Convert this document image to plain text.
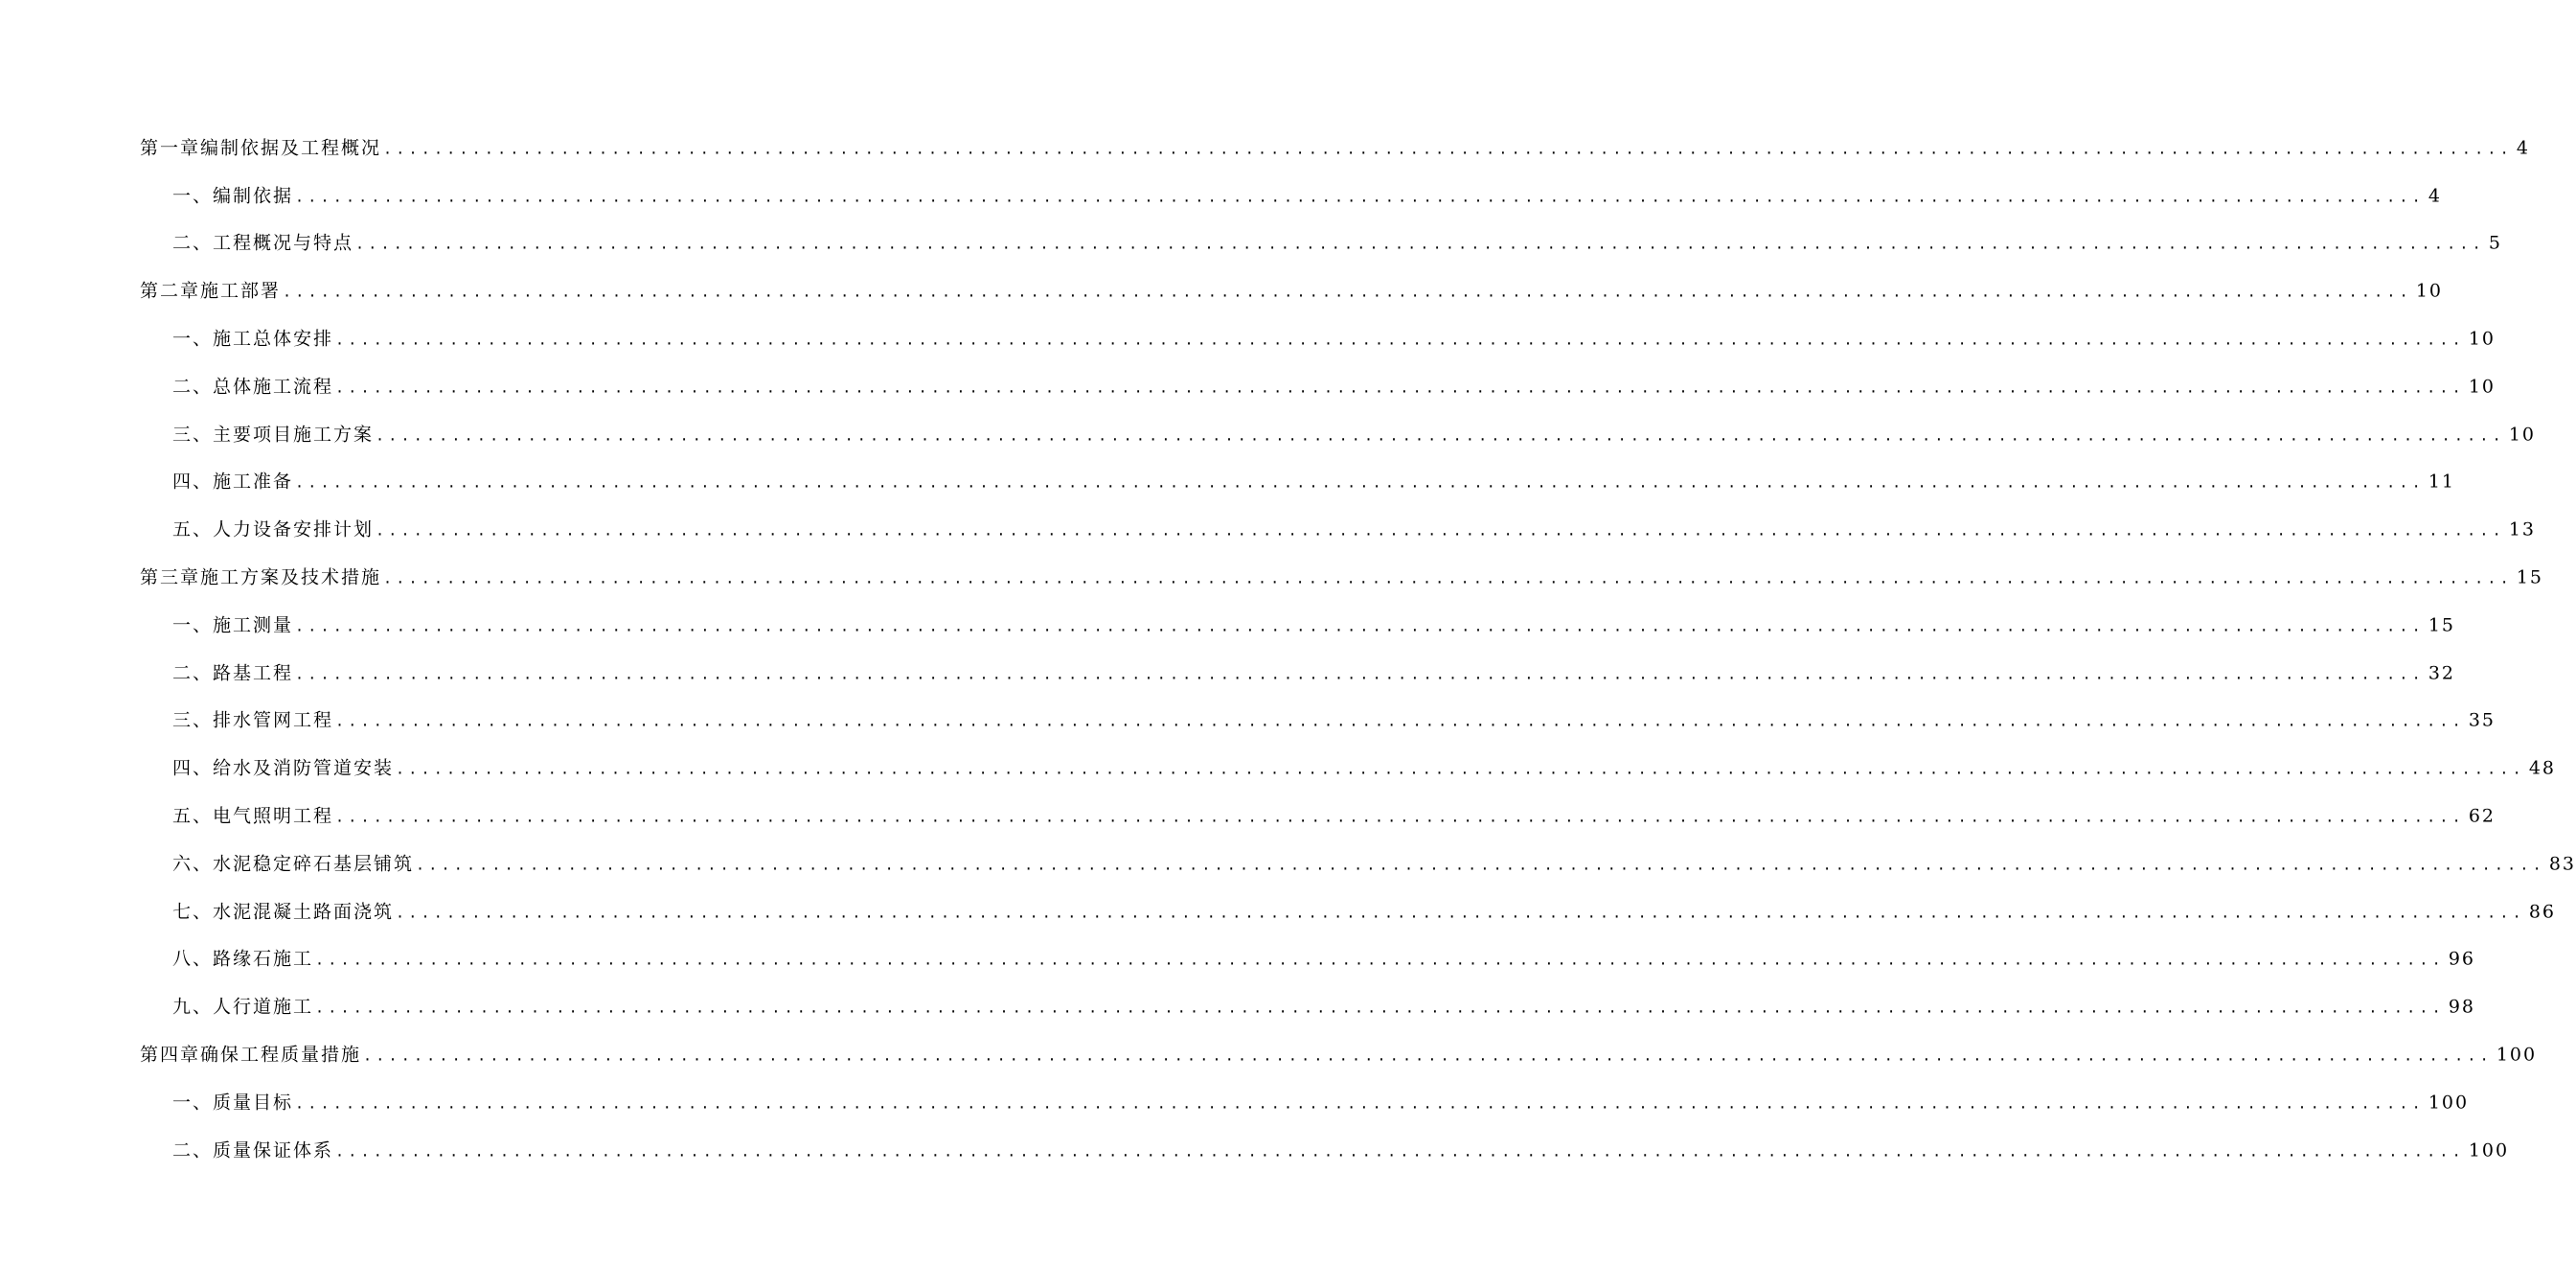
第一章 编制依据及工程概况 ........................................................................................................................................................................ 4
一、 编制依据 ........................................................................................................................................................................ 4
二、 工程概况与特点 ........................................................................................................................................................................ 5
第二章 施工部署 ........................................................................................................................................................................ 10
一、 施工总体安排 ........................................................................................................................................................................ 10
二、 总体施工流程 ........................................................................................................................................................................ 10
三、 主要项目施工方案 ........................................................................................................................................................................ 10
四、 施工准备 ........................................................................................................................................................................ 11
五、 人力设备安排计划 ........................................................................................................................................................................ 13
第三章 施工方案及技术措施 ........................................................................................................................................................................ 15
一、 施工测量 ........................................................................................................................................................................ 15
二、 路基工程 ........................................................................................................................................................................ 32
三、 排水管网工程 ........................................................................................................................................................................ 35
四、 给水及消防管道安装 ........................................................................................................................................................................ 48
五、 电气照明工程 ........................................................................................................................................................................ 62
六、 水泥稳定碎石基层铺筑 ........................................................................................................................................................................ 83
七、 水泥混凝土路面浇筑 ........................................................................................................................................................................ 86
八、 路缘石施工 ........................................................................................................................................................................ 96
九、 人行道施工 ........................................................................................................................................................................ 98
第四章 确保工程质量措施 ........................................................................................................................................................................ 100
一、 质量目标 ........................................................................................................................................................................ 100
二、 质量保证体系 ........................................................................................................................................................................ 100
